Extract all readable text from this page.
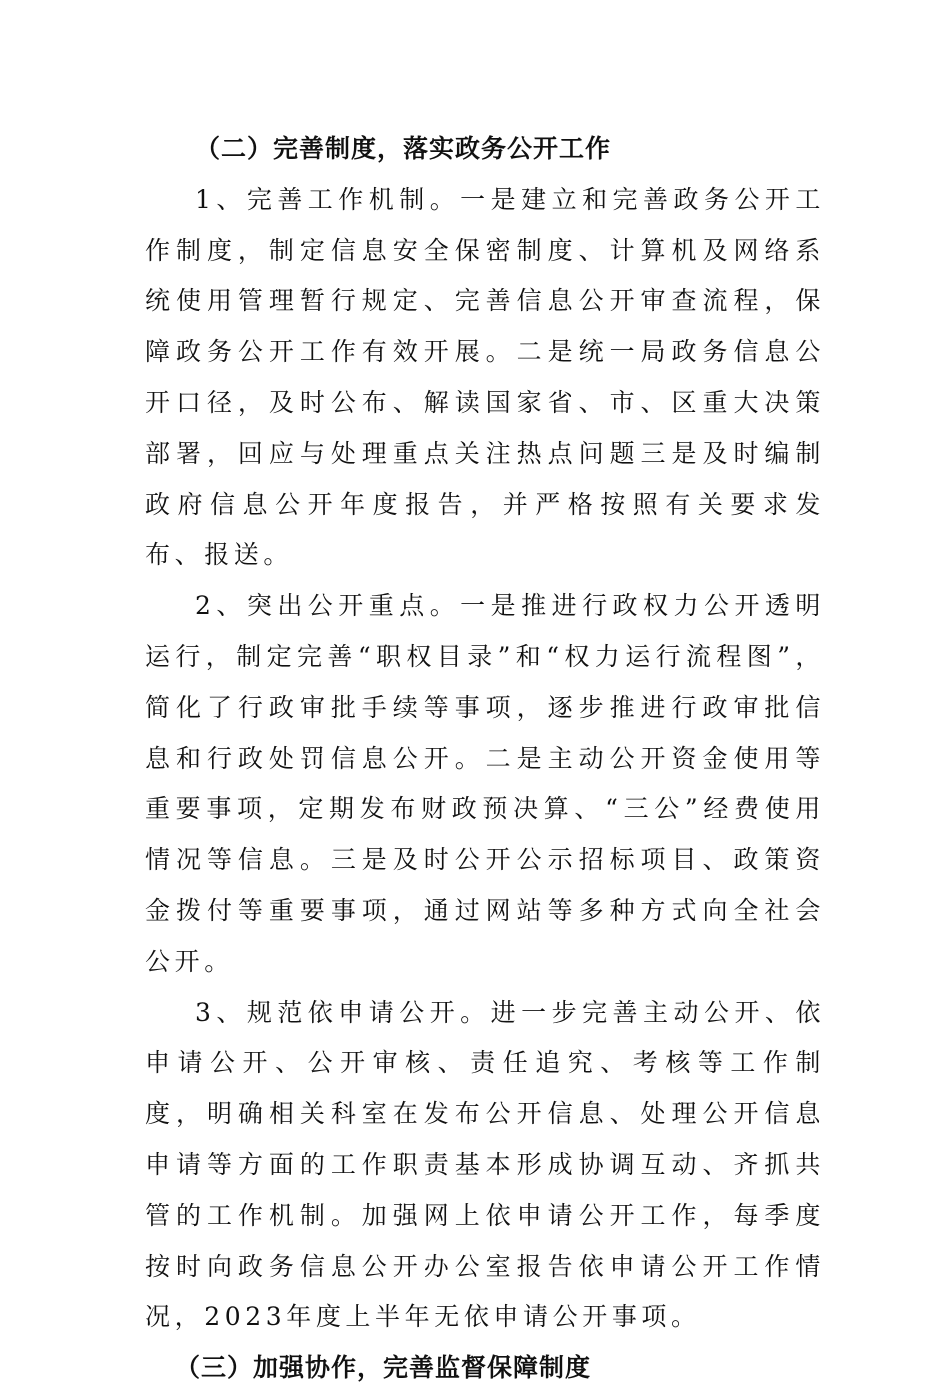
（二）完善制度，落实政务公开工作

1、完善工作机制。一是建立和完善政务公开工作制度，制定信息安全保密制度、计算机及网络系统使用管理暂行规定、完善信息公开审查流程，保障政务公开工作有效开展。二是统一局政务信息公开口径，及时公布、解读国家省、市、区重大决策部署，回应与处理重点关注热点问题三是及时编制政府信息公开年度报告，并严格按照有关要求发布、报送。

2、突出公开重点。一是推进行政权力公开透明运行，制定完善“职权目录”和“权力运行流程图”，简化了行政审批手续等事项，逐步推进行政审批信息和行政处罚信息公开。二是主动公开资金使用等重要事项，定期发布财政预决算、“三公”经费使用情况等信息。三是及时公开公示招标项目、政策资金拨付等重要事项，通过网站等多种方式向全社会公开。

3、规范依申请公开。进一步完善主动公开、依申请公开、公开审核、责任追究、考核等工作制度，明确相关科室在发布公开信息、处理公开信息申请等方面的工作职责基本形成协调互动、齐抓共管的工作机制。加强网上依申请公开工作，每季度按时向政务信息公开办公室报告依申请公开工作情况，2023年度上半年无依申请公开事项。

（三）加强协作，完善监督保障制度
